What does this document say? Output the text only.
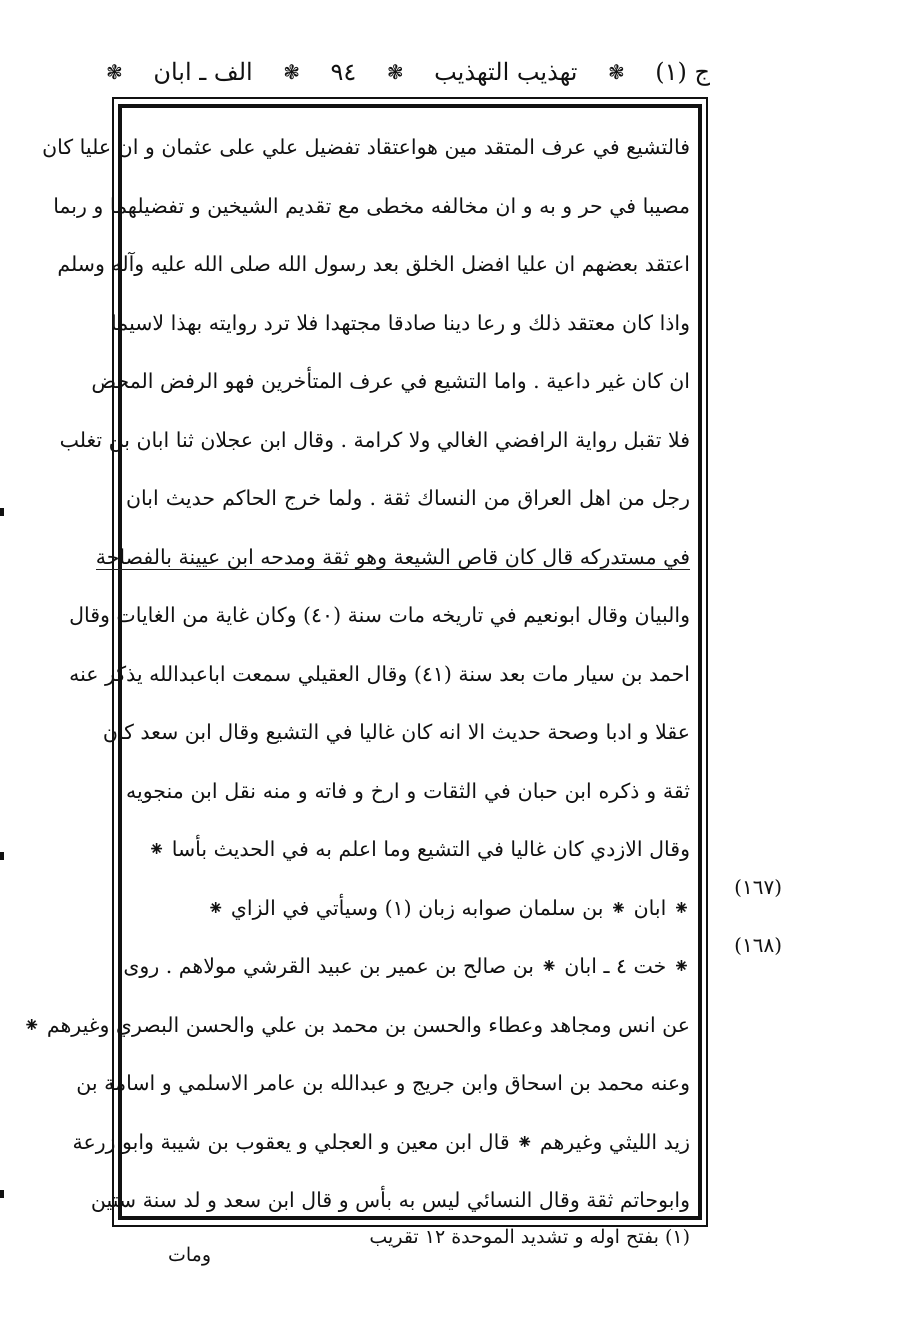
ج (١)
❃
تهذيب التهذيب
❃
٩٤
❃
الف ـ ابان
❃
فالتشيع في عرف المتقد مين هواعتقاد تفضيل علي على عثمان و ان عليا كان
مصيبا في حر و به و ان مخالفه مخطى مع تقديم الشيخين و تفضيلهما و ربما
اعتقد بعضهم ان عليا افضل الخلق بعد رسول الله صلى الله عليه وآله وسلم
واذا كان معتقد ذلك و رعا دينا صادقا مجتهدا فلا ترد روايته بهذا لاسيما
ان كان غير داعية . واما التشيع في عرف المتأخرين فهو الرفض المحض
فلا تقبل رواية الرافضي الغالي ولا كرامة . وقال ابن عجلان ثنا ابان بن تغلب
رجل من اهل العراق من النساك ثقة . ولما خرج الحاكم حديث ابان
في مستدركه قال كان قاص الشيعة وهو ثقة ومدحه ابن عيينة بالفصاحة
والبيان وقال ابونعيم في تاريخه مات سنة (٤٠) وكان غاية من الغايات وقال
احمد بن سيار مات بعد سنة (٤١) وقال العقيلي سمعت اباعبدالله يذكر عنه
عقلا و ادبا وصحة حديث الا انه كان غاليا في التشيع وقال ابن سعد كان
ثقة و ذكره ابن حبان في الثقات و ارخ و فاته و منه نقل ابن منجويه
وقال الازدي كان غاليا في التشيع وما اعلم به في الحديث بأسا ⁕
⁕ ابان ⁕ بن سلمان صوابه زبان (١) وسيأتي في الزاي ⁕
⁕ خت ٤ ـ ابان ⁕ بن صالح بن عمير بن عبيد القرشي مولاهم . روى
عن انس ومجاهد وعطاء والحسن بن محمد بن علي والحسن البصري وغيرهم ⁕
وعنه محمد بن اسحاق وابن جريج و عبدالله بن عامر الاسلمي و اسامة بن
زيد الليثي وغيرهم ⁕ قال ابن معين و العجلي و يعقوب بن شيبة وابو زرعة
وابوحاتم ثقة وقال النسائي ليس به بأس و قال ابن سعد و لد سنة ستين
(١٦٧)
(١٦٨)
(١) بفتح اوله و تشديد الموحدة ١٢ تقريب
ومات
